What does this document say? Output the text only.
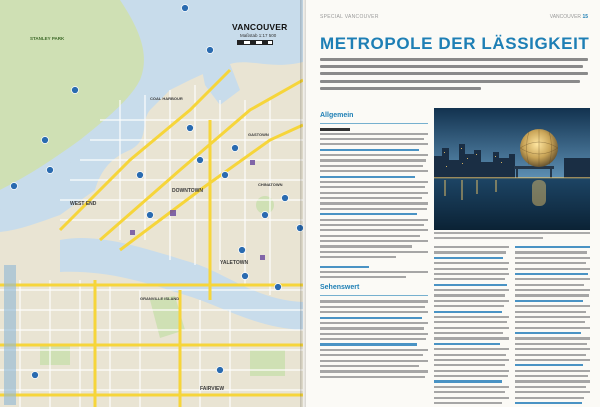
DOWNTOWN
WEST END
YALETOWN
FAIRVIEW
GRANVILLE ISLAND
CHINATOWN
GASTOWN
STANLEY PARK
COAL HARBOUR
VANCOUVER
Maßstab 1:17 500
SPECIAL VANCOUVER	VANCOUVER 15
METROPOLE DER LÄSSIGKEIT
Allgemein
Sehenswert
